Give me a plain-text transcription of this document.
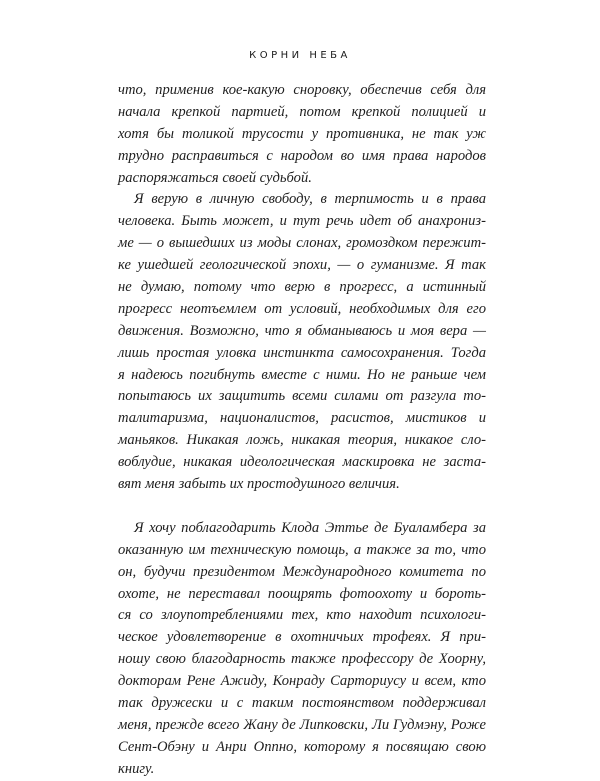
КОРНИ НЕБА
что, применив кое-какую сноровку, обеспечив себя для
начала крепкой партией, потом крепкой полицией и
хотя бы толикой трусости у противника, не так уж
трудно расправиться с народом во имя права народов
распоряжаться своей судьбой.
Я верую в личную свободу, в терпимость и в права
человека. Быть может, и тут речь идет об анахрониз-
ме — о вышедших из моды слонах, громоздком пережит-
ке ушедшей геологической эпохи, — о гуманизме. Я так
не думаю, потому что верю в прогресс, а истинный
прогресс неотъемлем от условий, необходимых для его
движения. Возможно, что я обманываюсь и моя вера —
лишь простая уловка инстинкта самосохранения. Тогда
я надеюсь погибнуть вместе с ними. Но не раньше чем
попытаюсь их защитить всеми силами от разгула то-
талитаризма, националистов, расистов, мистиков и
маньяков. Никакая ложь, никакая теория, никакое сло-
воблудие, никакая идеологическая маскировка не заста-
вят меня забыть их простодушного величия.
Я хочу поблагодарить Клода Эттье де Буаламбера за
оказанную им техническую помощь, а также за то, что
он, будучи президентом Международного комитета по
охоте, не переставал поощрять фотоохоту и бороть-
ся со злоупотреблениями тех, кто находит психологи-
ческое удовлетворение в охотничьих трофеях. Я при-
ношу свою благодарность также профессору де Хоорну,
докторам Рене Ажиду, Конраду Сарториусу и всем, кто
так дружески и с таким постоянством поддерживал
меня, прежде всего Жану де Липковски, Ли Гудмэну, Роже
Сент-Обэну и Анри Оппно, которому я посвящаю свою
книгу.
